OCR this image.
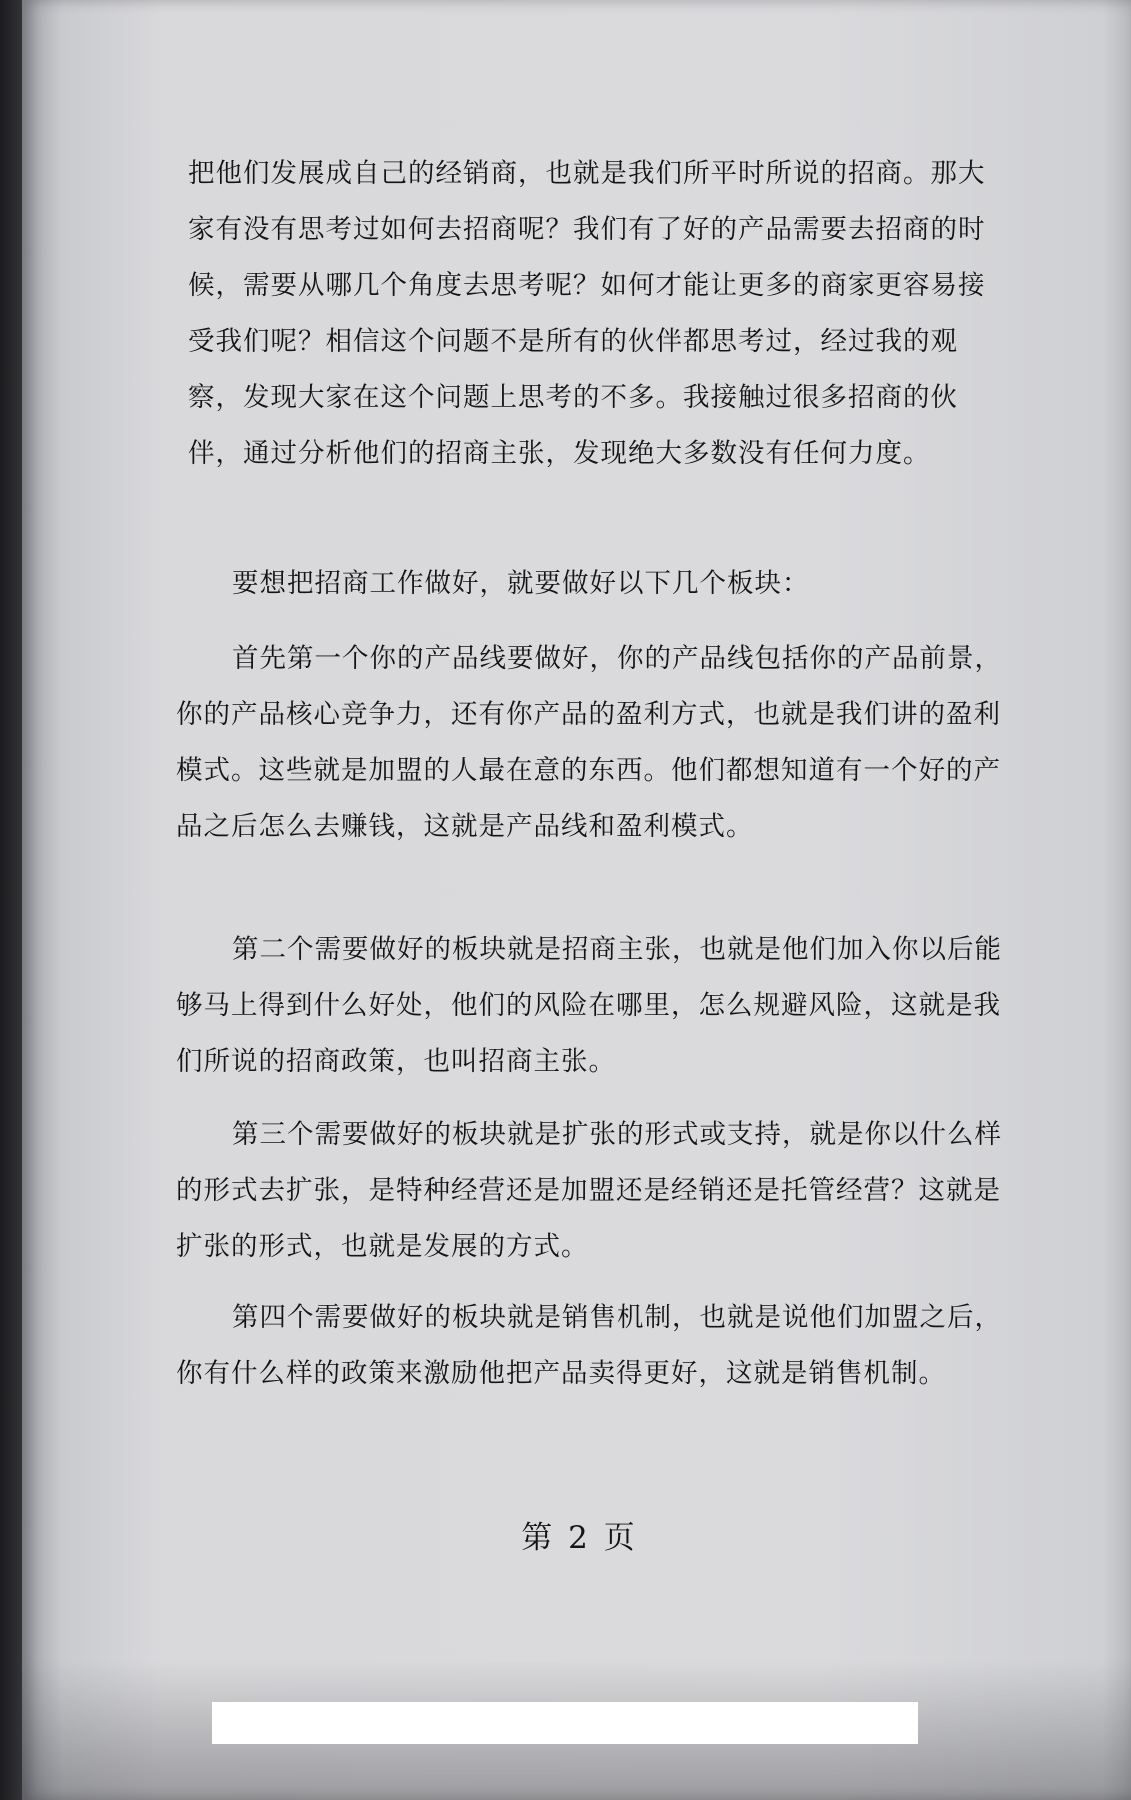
把他们发展成自己的经销商，也就是我们所平时所说的招商。那大家有没有思考过如何去招商呢？我们有了好的产品需要去招商的时候，需要从哪几个角度去思考呢？如何才能让更多的商家更容易接受我们呢？相信这个问题不是所有的伙伴都思考过，经过我的观察，发现大家在这个问题上思考的不多。我接触过很多招商的伙伴，通过分析他们的招商主张，发现绝大多数没有任何力度。

要想把招商工作做好，就要做好以下几个板块：

首先第一个你的产品线要做好，你的产品线包括你的产品前景，你的产品核心竞争力，还有你产品的盈利方式，也就是我们讲的盈利模式。这些就是加盟的人最在意的东西。他们都想知道有一个好的产品之后怎么去赚钱，这就是产品线和盈利模式。

第二个需要做好的板块就是招商主张，也就是他们加入你以后能够马上得到什么好处，他们的风险在哪里，怎么规避风险，这就是我们所说的招商政策，也叫招商主张。

第三个需要做好的板块就是扩张的形式或支持，就是你以什么样的形式去扩张，是特种经营还是加盟还是经销还是托管经营？这就是扩张的形式，也就是发展的方式。

第四个需要做好的板块就是销售机制，也就是说他们加盟之后，你有什么样的政策来激励他把产品卖得更好，这就是销售机制。

第 2 页
